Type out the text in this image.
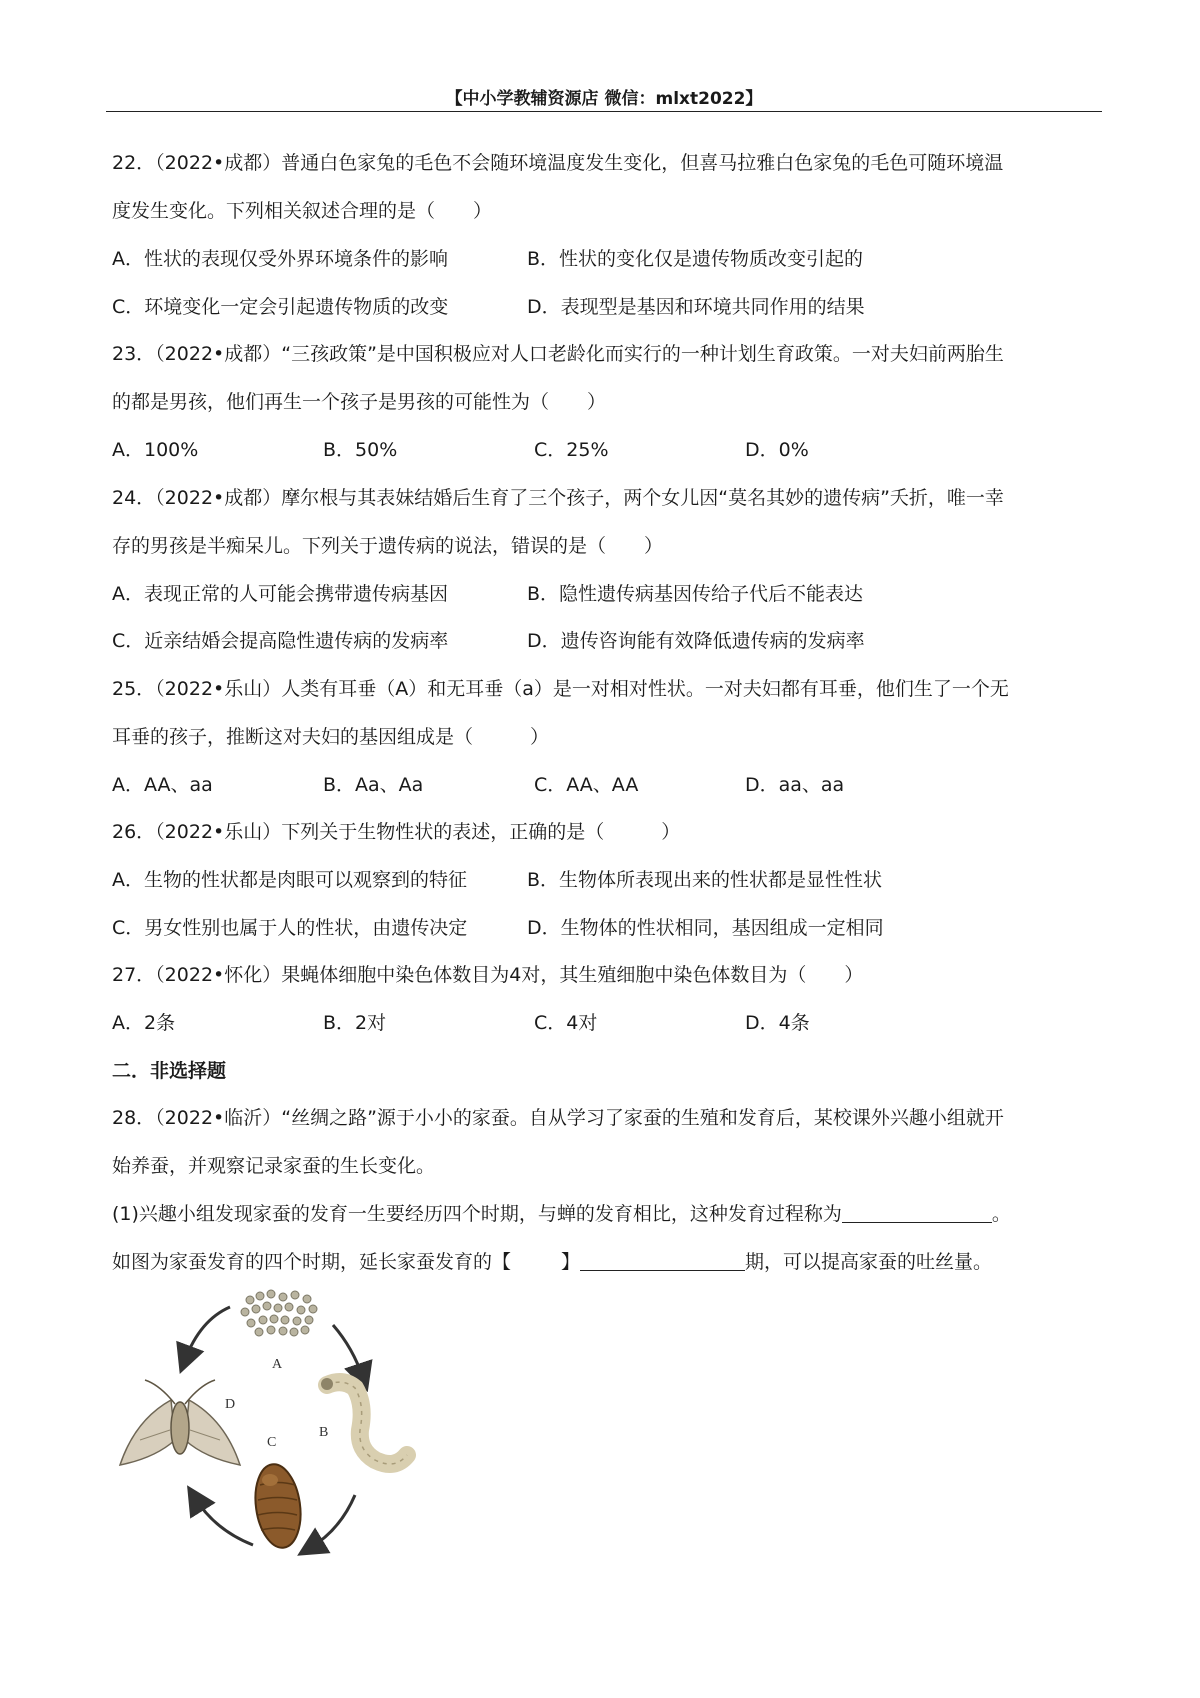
【中小学教辅资源店 微信：mlxt2022】
22．（2022•成都）普通白色家兔的毛色不会随环境温度发生变化，但喜马拉雅白色家兔的毛色可随环境温
度发生变化。下列相关叙述合理的是（　　）
A．性状的表现仅受外界环境条件的影响	B．性状的变化仅是遗传物质改变引起的
C．环境变化一定会引起遗传物质的改变	D．表现型是基因和环境共同作用的结果
23．（2022•成都）“三孩政策”是中国积极应对人口老龄化而实行的一种计划生育政策。一对夫妇前两胎生
的都是男孩，他们再生一个孩子是男孩的可能性为（　　）
A．100%	B．50%	C．25%	D．0%
24．（2022•成都）摩尔根与其表妹结婚后生育了三个孩子，两个女儿因“莫名其妙的遗传病”夭折，唯一幸
存的男孩是半痴呆儿。下列关于遗传病的说法，错误的是（　　）
A．表现正常的人可能会携带遗传病基因	B．隐性遗传病基因传给子代后不能表达
C．近亲结婚会提高隐性遗传病的发病率	D．遗传咨询能有效降低遗传病的发病率
25．（2022•乐山）人类有耳垂（A）和无耳垂（a）是一对相对性状。一对夫妇都有耳垂，他们生了一个无
耳垂的孩子，推断这对夫妇的基因组成是（　　　）
A．AA、aa	B．Aa、Aa	C．AA、AA	D．aa、aa
26．（2022•乐山）下列关于生物性状的表述，正确的是（　　　）
A．生物的性状都是肉眼可以观察到的特征	B．生物体所表现出来的性状都是显性性状
C．男女性别也属于人的性状，由遗传决定	D．生物体的性状相同，基因组成一定相同
27．（2022•怀化）果蝇体细胞中染色体数目为4对，其生殖细胞中染色体数目为（　　）
A．2条	B．2对	C．4对	D．4条
二．非选择题
28．（2022•临沂）“丝绸之路”源于小小的家蚕。自从学习了家蚕的生殖和发育后，某校课外兴趣小组就开
始养蚕，并观察记录家蚕的生长变化。
(1)兴趣小组发现家蚕的发育一生要经历四个时期，与蝉的发育相比，这种发育过程称为	。
如图为家蚕发育的四个时期，延长家蚕发育的【	】	期，可以提高家蚕的吐丝量。
A
B
C
D
